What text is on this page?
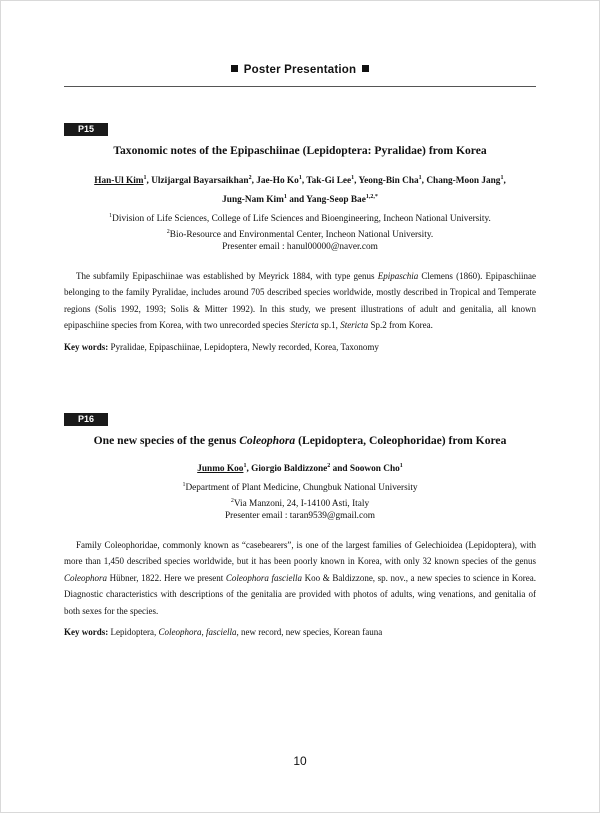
Poster Presentation
P15
Taxonomic notes of the Epipaschiinae (Lepidoptera: Pyralidae) from Korea
Han-Ul Kim$^1$, Ulzijargal Bayarsaikhan$^2$, Jae-Ho Ko$^1$, Tak-Gi Lee$^1$, Yeong-Bin Cha$^1$, Chang-Moon Jang$^1$,
Jung-Nam Kim$^1$ and Yang-Seop Bae$^{1,2,*}$
$^1$Division of Life Sciences, College of Life Sciences and Bioengineering, Incheon National University.
$^2$Bio-Resource and Environmental Center, Incheon National University.
Presenter email : hanul00000@naver.com
The subfamily Epipaschiinae was established by Meyrick 1884, with type genus Epipaschia Clemens (1860). Epipaschiinae belonging to the family Pyralidae, includes around 705 described species worldwide, mostly described in Tropical and Temperate regions (Solis 1992, 1993; Solis & Mitter 1992). In this study, we present illustrations of adult and genitalia, all known epipaschiine species from Korea, with two unrecorded species Stericta sp.1, Stericta Sp.2 from Korea.
Key words: Pyralidae, Epipaschiinae, Lepidoptera, Newly recorded, Korea, Taxonomy
P16
One new species of the genus Coleophora (Lepidoptera, Coleophoridae) from Korea
Junmo Koo$^1$, Giorgio Baldizzone$^2$ and Soowon Cho$^1$
$^1$Department of Plant Medicine, Chungbuk National University
$^2$Via Manzoni, 24, I-14100 Asti, Italy
Presenter email : taran9539@gmail.com
Family Coleophoridae, commonly known as “casebearers”, is one of the largest families of Gelechioidea (Lepidoptera), with more than 1,450 described species worldwide, but it has been poorly known in Korea, with only 32 known species of the genus Coleophora Hübner, 1822. Here we present Coleophora fasciella Koo & Baldizzone, sp. nov., a new species to science in Korea. Diagnostic characteristics with descriptions of the genitalia are provided with photos of adults, wing venations, and genitalia of both sexes for the species.
Key words: Lepidoptera, Coleophora, fasciella, new record, new species, Korean fauna
10
